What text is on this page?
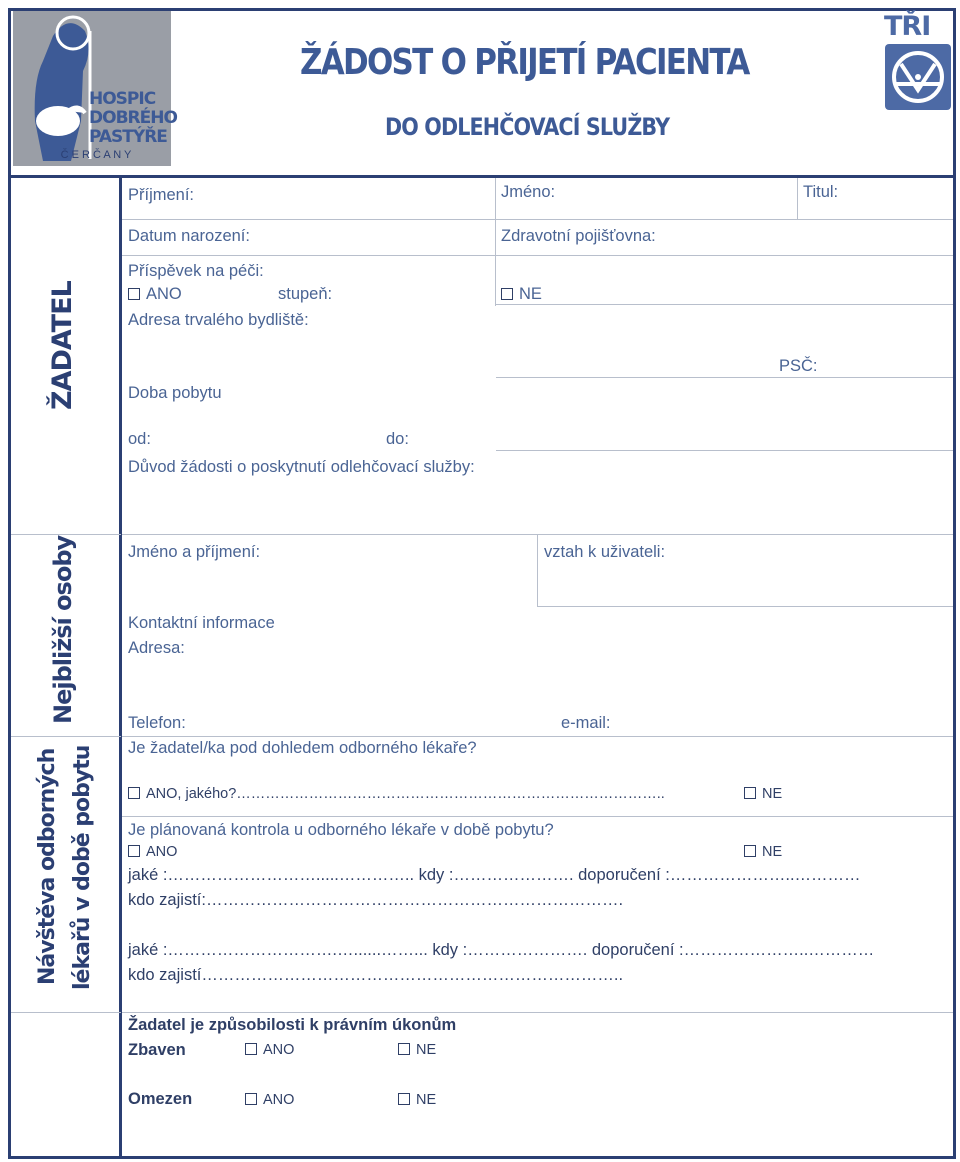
HOSPIC
DOBRÉHO
PASTÝŘE
Č E R Č A N Y
ŽÁDOST O PŘIJETÍ PACIENTA
DO ODLEHČOVACÍ SLUŽBY
TŘI
ŽADATEL
Nejbližší osoby
Návštěva odborných lékařů v době pobytu
Příjmení:	Jméno:	Titul:
Datum narození:	Zdravotní pojišťovna:
Příspěvek na péči:
ANO	stupeň:	NE
Adresa trvalého bydliště:
PSČ:
Doba pobytu
od:	do:
Důvod žádosti o poskytnutí odlehčovací služby:
Jméno a příjmení:	vztah k uživateli:
Kontaktní informace
Adresa:
Telefon:	e-mail:
Je žadatel/ka pod dohledem odborného lékaře?
ANO, jakého?……………………………………………………………………………..	NE
Je plánovaná kontrola u odborného lékaře v době pobytu?
ANO	NE
jaké :……………………….....………….. kdy :…………………. doporučení :…………………..…………
kdo zajistí:………………………………………………………………….
jaké :………………………….…......……... kdy :…………………. doporučení :…………………..…………
kdo zajistí…………………………………………………………………..
Žadatel je způsobilosti k právním úkonům
Zbaven	ANO	NE
Omezen	ANO	NE
